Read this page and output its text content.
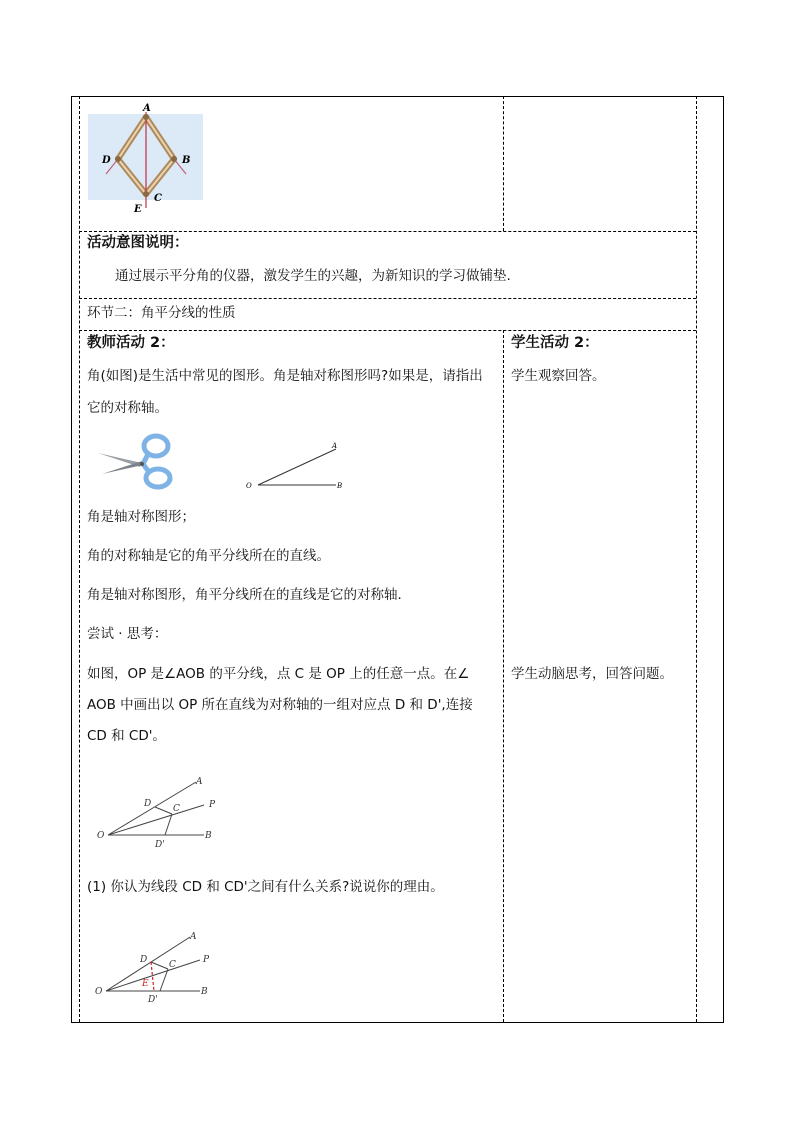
A
D	B
C
E
活动意图说明：
通过展示平分角的仪器，激发学生的兴趣，为新知识的学习做铺垫.
环节二：角平分线的性质
教师活动 2：
角(如图)是生活中常见的图形。角是轴对称图形吗?如果是，请指出
它的对称轴。
A
O	B
角是轴对称图形；
角的对称轴是它的角平分线所在的直线。
角是轴对称图形，角平分线所在的直线是它的对称轴．
尝试 · 思考：
如图，OP 是∠AOB 的平分线，点 C 是 OP 上的任意一点。在∠
AOB 中画出以 OP 所在直线为对称轴的一组对应点 D 和 D',连接
CD 和 CD'。
A
D C	P
O	B
D'
(1) 你认为线段 CD 和 CD'之间有什么关系?说说你的理由。
A
D C	P
E
O	B
D'
学生活动 2：
学生观察回答。
学生动脑思考，回答问题。
